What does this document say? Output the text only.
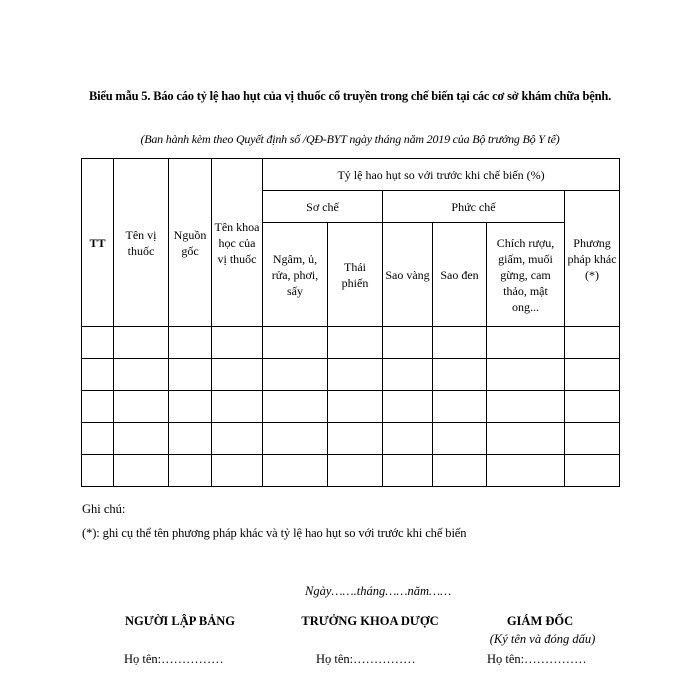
Biểu mẫu 5. Báo cáo tỷ lệ hao hụt của vị thuốc cổ truyền trong chế biến tại các cơ sở khám chữa bệnh.
(Ban hành kèm theo Quyết định số /QĐ-BYT ngày tháng năm 2019 của Bộ trưởng Bộ Y tế)
TT	Tên vị thuốc	Nguồn gốc	Tên khoa học của vị thuốc	Tỷ lệ hao hụt so với trước khi chế biến (%)					
				Sơ chế		Phức chế			Phương pháp khác (*)
				Ngâm, ủ, rửa, phơi, sấy	Thái phiến	Sao vàng	Sao đen	Chích rượu, giấm, muối gừng, cam thảo, mật ong...	

Ghi chú:
(*): ghi cụ thể tên phương pháp khác và tỷ lệ hao hụt so với trước khi chế biến
Ngày…….tháng……năm……
NGƯỜI LẬP BẢNG	TRƯỞNG KHOA DƯỢC	GIÁM ĐỐC
(Ký tên và đóng dấu)
Họ tên:……………	Họ tên:……………	Họ tên:……………
